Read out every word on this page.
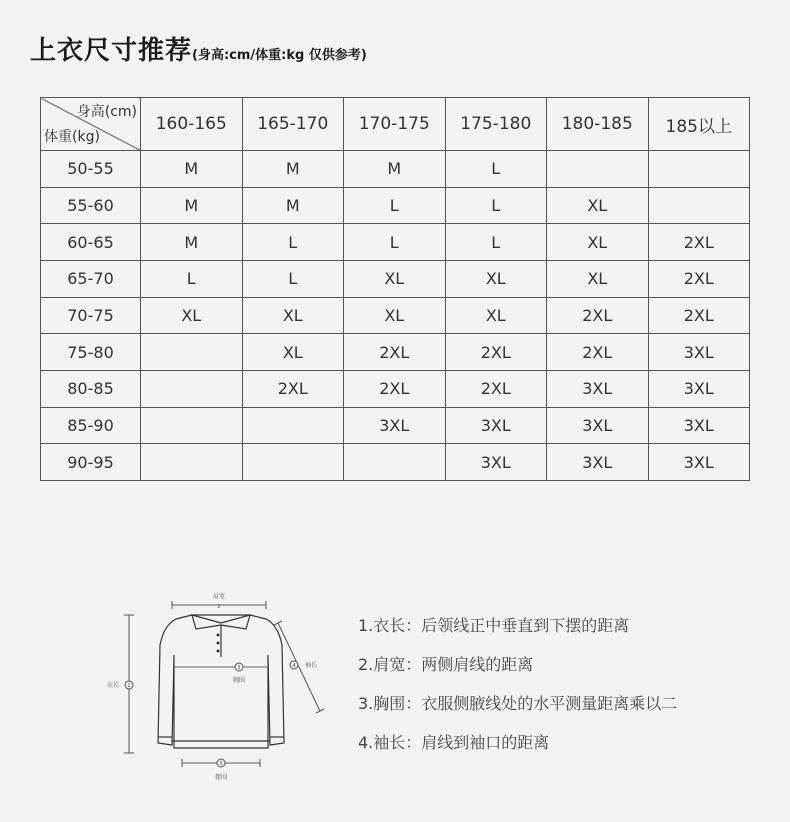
上衣尺寸推荐(身高:cm/体重:kg 仅供参考)
身高(cm)
体重(kg)	160-165	165-170	170-175	175-180	180-185	185以上
50-55	M	M	M	L		
55-60	M	M	L	L	XL	
60-65	M	L	L	L	XL	2XL
65-70	L	L	XL	XL	XL	2XL
70-75	XL	XL	XL	XL	2XL	2XL
75-80		XL	2XL	2XL	2XL	3XL
80-85		2XL	2XL	2XL	3XL	3XL
85-90			3XL	3XL	3XL	3XL
90-95				3XL	3XL	3XL
肩宽
2
衣长 1
3
胸围
4 袖长
3
摆围
1.衣长：后领线正中垂直到下摆的距离
2.肩宽：两侧肩线的距离
3.胸围：衣服侧腋线处的水平测量距离乘以二
4.袖长：肩线到袖口的距离
